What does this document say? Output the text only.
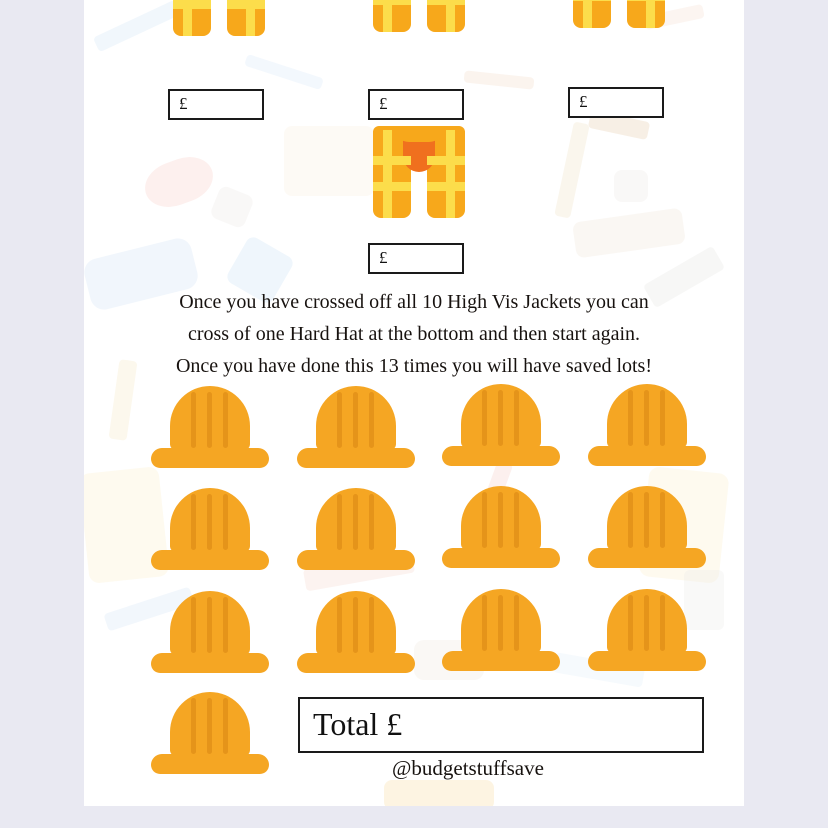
£	£	£
£
Once you have crossed off all 10 High Vis Jackets you can
cross of one Hard Hat at the bottom and then start again.
Once you have done this 13 times you will have saved lots!
Total £
@budgetstuffsave
